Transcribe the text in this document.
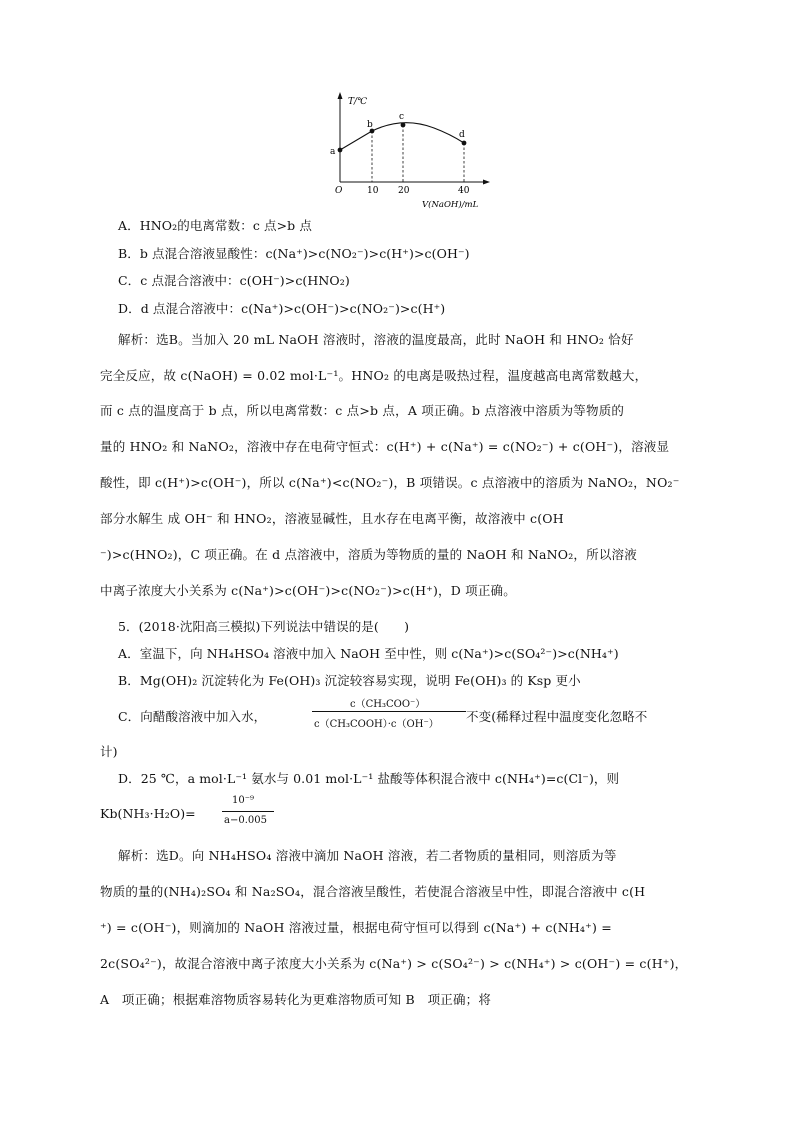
T/℃
a
b
c
d
O	10 20	40
V(NaOH)/mL
A．HNO₂的电离常数：c 点>b 点
B．b 点混合溶液显酸性：c(Na⁺)>c(NO₂⁻)>c(H⁺)>c(OH⁻)
C．c 点混合溶液中：c(OH⁻)>c(HNO₂)
D．d 点混合溶液中：c(Na⁺)>c(OH⁻)>c(NO₂⁻)>c(H⁺)
解析：选B。当加入 20 mL NaOH 溶液时，溶液的温度最高，此时 NaOH 和 HNO₂ 恰好
完全反应，故 c(NaOH) = 0.02 mol·L⁻¹。HNO₂ 的电离是吸热过程，温度越高电离常数越大，
而 c 点的温度高于 b 点，所以电离常数：c 点>b 点，A 项正确。b 点溶液中溶质为等物质的
量的 HNO₂ 和 NaNO₂，溶液中存在电荷守恒式：c(H⁺) + c(Na⁺) = c(NO₂⁻) + c(OH⁻)，溶液显
酸性，即 c(H⁺)>c(OH⁻)，所以 c(Na⁺)<c(NO₂⁻)，B 项错误。c 点溶液中的溶质为 NaNO₂，NO₂⁻
部分水解生 成 OH⁻ 和 HNO₂，溶液显碱性，且水存在电离平衡，故溶液中 c(OH
⁻)>c(HNO₂)，C 项正确。在 d 点溶液中，溶质为等物质的量的 NaOH 和 NaNO₂，所以溶液
中离子浓度大小关系为 c(Na⁺)>c(OH⁻)>c(NO₂⁻)>c(H⁺)，D 项正确。
5．(2018·沈阳高三模拟)下列说法中错误的是(　　)
A．室温下，向 NH₄HSO₄ 溶液中加入 NaOH 至中性，则 c(Na⁺)>c(SO₄²⁻)>c(NH₄⁺)
B．Mg(OH)₂ 沉淀转化为 Fe(OH)₃ 沉淀较容易实现，说明 Fe(OH)₃ 的 Ksp 更小
C．向醋酸溶液中加入水，
c（CH₃COO⁻）
c（CH₃COOH）·c（OH⁻）
不变(稀释过程中温度变化忽略不
计)
D．25 ℃，a mol·L⁻¹ 氨水与 0.01 mol·L⁻¹ 盐酸等体积混合液中 c(NH₄⁺)=c(Cl⁻)，则
Kb(NH₃·H₂O)=
10⁻⁹
a−0.005
解析：选D。向 NH₄HSO₄ 溶液中滴加 NaOH 溶液，若二者物质的量相同，则溶质为等
物质的量的(NH₄)₂SO₄ 和 Na₂SO₄，混合溶液呈酸性，若使混合溶液呈中性，即混合溶液中 c(H
⁺) = c(OH⁻)，则滴加的 NaOH 溶液过量，根据电荷守恒可以得到 c(Na⁺) + c(NH₄⁺) =
2c(SO₄²⁻)，故混合溶液中离子浓度大小关系为 c(Na⁺) > c(SO₄²⁻) > c(NH₄⁺) > c(OH⁻) = c(H⁺)，
A　项正确；根据难溶物质容易转化为更难溶物质可知 B　项正确；将
